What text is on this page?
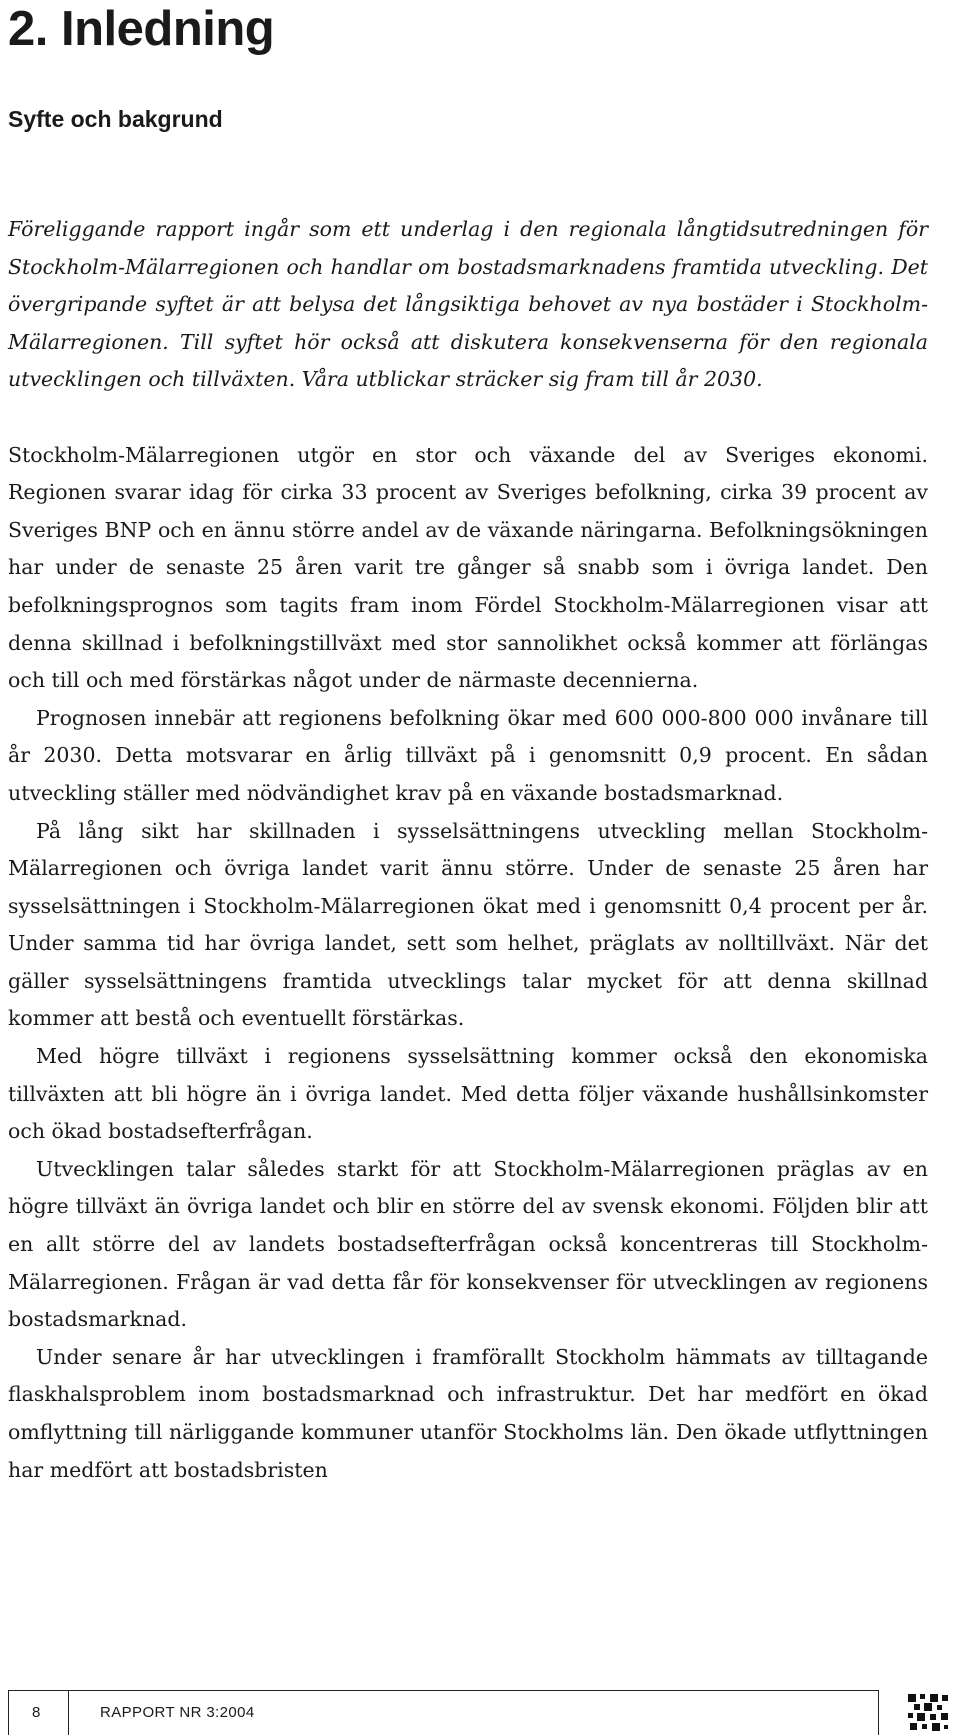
2. Inledning
Syfte och bakgrund

Föreliggande rapport ingår som ett underlag i den regionala långtidsutredningen för Stockholm-Mälarregionen och handlar om bostadsmarknadens framtida utveckling. Det övergripande syftet är att belysa det långsiktiga behovet av nya bostäder i Stockholm-Mälarregionen. Till syftet hör också att diskutera konsekvenserna för den regionala utvecklingen och tillväxten. Våra utblickar sträcker sig fram till år 2030.

Stockholm-Mälarregionen utgör en stor och växande del av Sveriges ekonomi. Regionen svarar idag för cirka 33 procent av Sveriges befolkning, cirka 39 procent av Sveriges BNP och en ännu större andel av de växande näringarna. Befolkningsökningen har under de senaste 25 åren varit tre gånger så snabb som i övriga landet. Den befolkningsprognos som tagits fram inom Fördel Stockholm-Mälarregionen visar att denna skillnad i befolkningstillväxt med stor sannolikhet också kommer att förlängas och till och med förstärkas något under de närmaste decennierna.

Prognosen innebär att regionens befolkning ökar med 600 000-800 000 invånare till år 2030. Detta motsvarar en årlig tillväxt på i genomsnitt 0,9 procent. En sådan utveckling ställer med nödvändighet krav på en växande bostadsmarknad.

På lång sikt har skillnaden i sysselsättningens utveckling mellan Stockholm-Mälarregionen och övriga landet varit ännu större. Under de senaste 25 åren har sysselsättningen i Stockholm-Mälarregionen ökat med i genomsnitt 0,4 procent per år. Under samma tid har övriga landet, sett som helhet, präglats av nolltillväxt. När det gäller sysselsättningens framtida utvecklings talar mycket för att denna skillnad kommer att bestå och eventuellt förstärkas.

Med högre tillväxt i regionens sysselsättning kommer också den ekonomiska tillväxten att bli högre än i övriga landet. Med detta följer växande hushållsinkomster och ökad bostadsefterfrågan.

Utvecklingen talar således starkt för att Stockholm-Mälarregionen präglas av en högre tillväxt än övriga landet och blir en större del av svensk ekonomi. Följden blir att en allt större del av landets bostadsefterfrågan också koncentreras till Stockholm-Mälarregionen. Frågan är vad detta får för konsekvenser för utvecklingen av regionens bostadsmarknad.

Under senare år har utvecklingen i framförallt Stockholm hämmats av tilltagande flaskhalsproblem inom bostadsmarknad och infrastruktur. Det har medfört en ökad omflyttning till närliggande kommuner utanför Stockholms län. Den ökade utflyttningen har medfört att bostadsbristen

8	RAPPORT NR 3:2004
